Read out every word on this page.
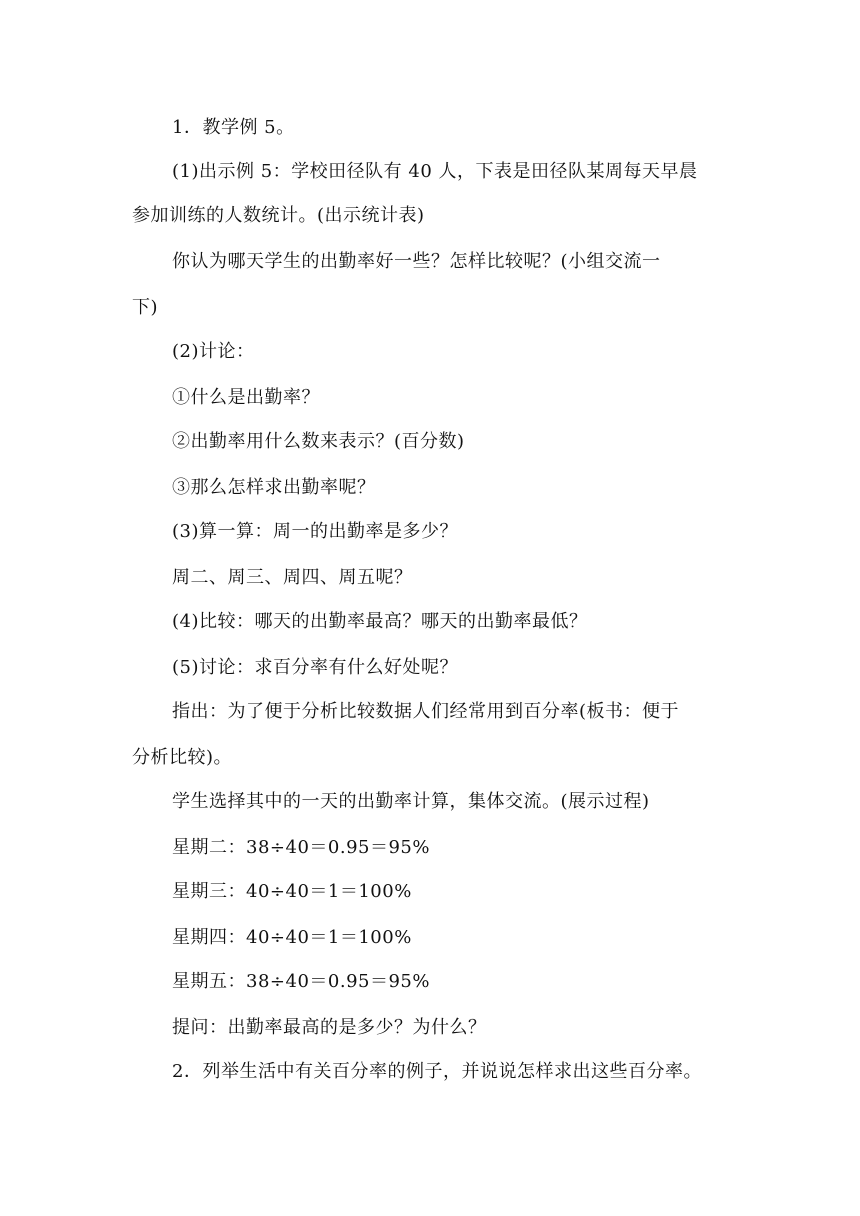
1．教学例 5。
(1)出示例 5：学校田径队有 40 人，下表是田径队某周每天早晨
参加训练的人数统计。(出示统计表)
你认为哪天学生的出勤率好一些？怎样比较呢？(小组交流一
下)
(2)计论：
①什么是出勤率？
②出勤率用什么数来表示？(百分数)
③那么怎样求出勤率呢？
(3)算一算：周一的出勤率是多少？
周二、周三、周四、周五呢？
(4)比较：哪天的出勤率最高？哪天的出勤率最低？
(5)讨论：求百分率有什么好处呢？
指出：为了便于分析比较数据人们经常用到百分率(板书：便于
分析比较)。
学生选择其中的一天的出勤率计算，集体交流。(展示过程)
星期二：38÷40＝0.95＝95%
星期三：40÷40＝1＝100%
星期四：40÷40＝1＝100%
星期五：38÷40＝0.95＝95%
提问：出勤率最高的是多少？为什么？
2．列举生活中有关百分率的例子，并说说怎样求出这些百分率。
